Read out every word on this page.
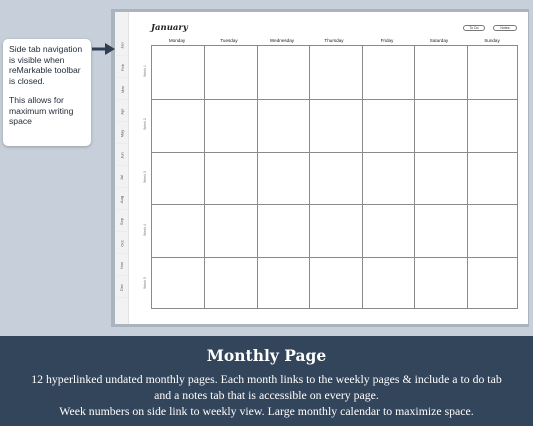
Jan
Feb
Mar
Apr
May
Jun
Jul
Aug
Sep
Oct
Nov
Dec
January	To Do	Notes
Monday	Tuesday	Wednesday	Thursday	Friday	Saturday	Sunday
Week 1
Week 2
Week 3
Week 4
Week 5

Side tab navigation is visible when reMarkable toolbar is closed.

This allows for maximum writing space

Monthly Page
12 hyperlinked undated monthly pages. Each month links to the weekly pages & include a to do tab
and a notes tab that is accessible on every page.
Week numbers on side link to weekly view. Large monthly calendar to maximize space.
